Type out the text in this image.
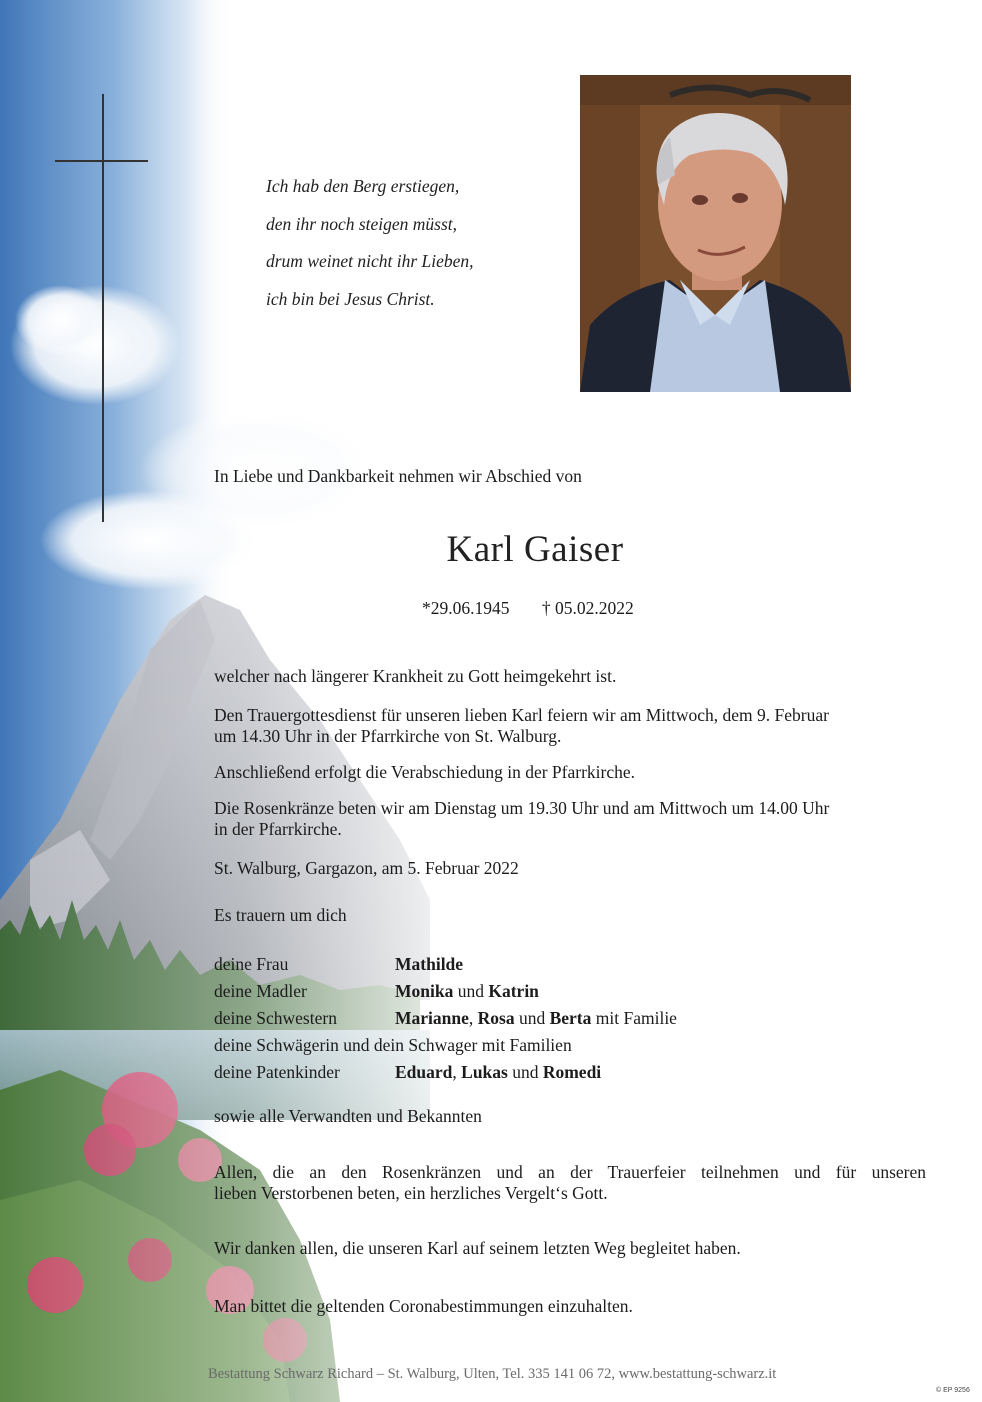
Ich hab den Berg erstiegen,
den ihr noch steigen müsst,
drum weinet nicht ihr Lieben,
ich bin bei Jesus Christ.
In Liebe und Dankbarkeit nehmen wir Abschied von
Karl Gaiser
*29.06.1945 † 05.02.2022
welcher nach längerer Krankheit zu Gott heimgekehrt ist.
Den Trauergottesdienst für unseren lieben Karl feiern wir am Mittwoch, dem 9. Februar
um 14.30 Uhr in der Pfarrkirche von St. Walburg.
Anschließend erfolgt die Verabschiedung in der Pfarrkirche.
Die Rosenkränze beten wir am Dienstag um 19.30 Uhr und am Mittwoch um 14.00 Uhr
in der Pfarrkirche.
St. Walburg, Gargazon, am 5. Februar 2022
Es trauern um dich
deine Frau	Mathilde
deine Madler	Monika und Katrin
deine Schwestern	Marianne, Rosa und Berta mit Familie
deine Schwägerin und dein Schwager mit Familien
deine Patenkinder	Eduard, Lukas und Romedi
sowie alle Verwandten und Bekannten
Allen, die an den Rosenkränzen und an der Trauerfeier teilnehmen und für unseren
lieben Verstorbenen beten, ein herzliches Vergelt‘s Gott.
Wir danken allen, die unseren Karl auf seinem letzten Weg begleitet haben.
Man bittet die geltenden Coronabestimmungen einzuhalten.
Bestattung Schwarz Richard – St. Walburg, Ulten, Tel. 335 141 06 72, www.bestattung-schwarz.it
© EP 9256
